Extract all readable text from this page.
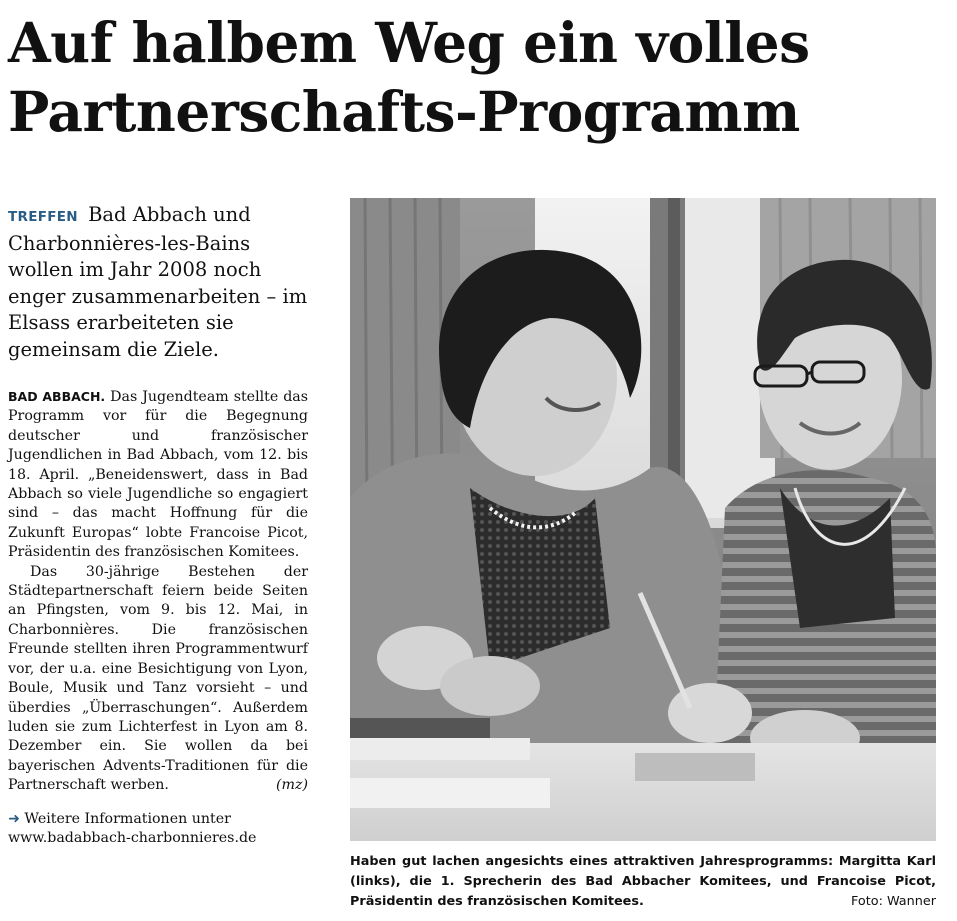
Auf halbem Weg ein volles Partnerschafts-Programm

TREFFEN Bad Abbach und Charbonnières-les-Bains wollen im Jahr 2008 noch enger zusammenarbeiten – im Elsass erarbeiteten sie gemeinsam die Ziele.

BAD ABBACH. Das Jugendteam stellte das Programm vor für die Begegnung deutscher und französischer Jugendlichen in Bad Abbach, vom 12. bis 18. April. „Beneidenswert, dass in Bad Abbach so viele Jugendliche so engagiert sind – das macht Hoffnung für die Zukunft Europas“ lobte Francoise Picot, Präsidentin des französischen Komitees.

Das 30-jährige Bestehen der Städtepartnerschaft feiern beide Seiten an Pfingsten, vom 9. bis 12. Mai, in Charbonnières. Die französischen Freunde stellten ihren Programmentwurf vor, der u.a. eine Besichtigung von Lyon, Boule, Musik und Tanz vorsieht – und überdies „Überraschungen“. Außerdem luden sie zum Lichterfest in Lyon am 8. Dezember ein. Sie wollen da bei bayerischen Advents-Traditionen für die Partnerschaft werben.	(mz)

➜ Weitere Informationen unter www.badabbach-charbonnieres.de
Haben gut lachen angesichts eines attraktiven Jahresprogramms: Margitta Karl (links), die 1. Sprecherin des Bad Abbacher Komitees, und Francoise Picot, Präsidentin des französischen Komitees.	Foto: Wanner
